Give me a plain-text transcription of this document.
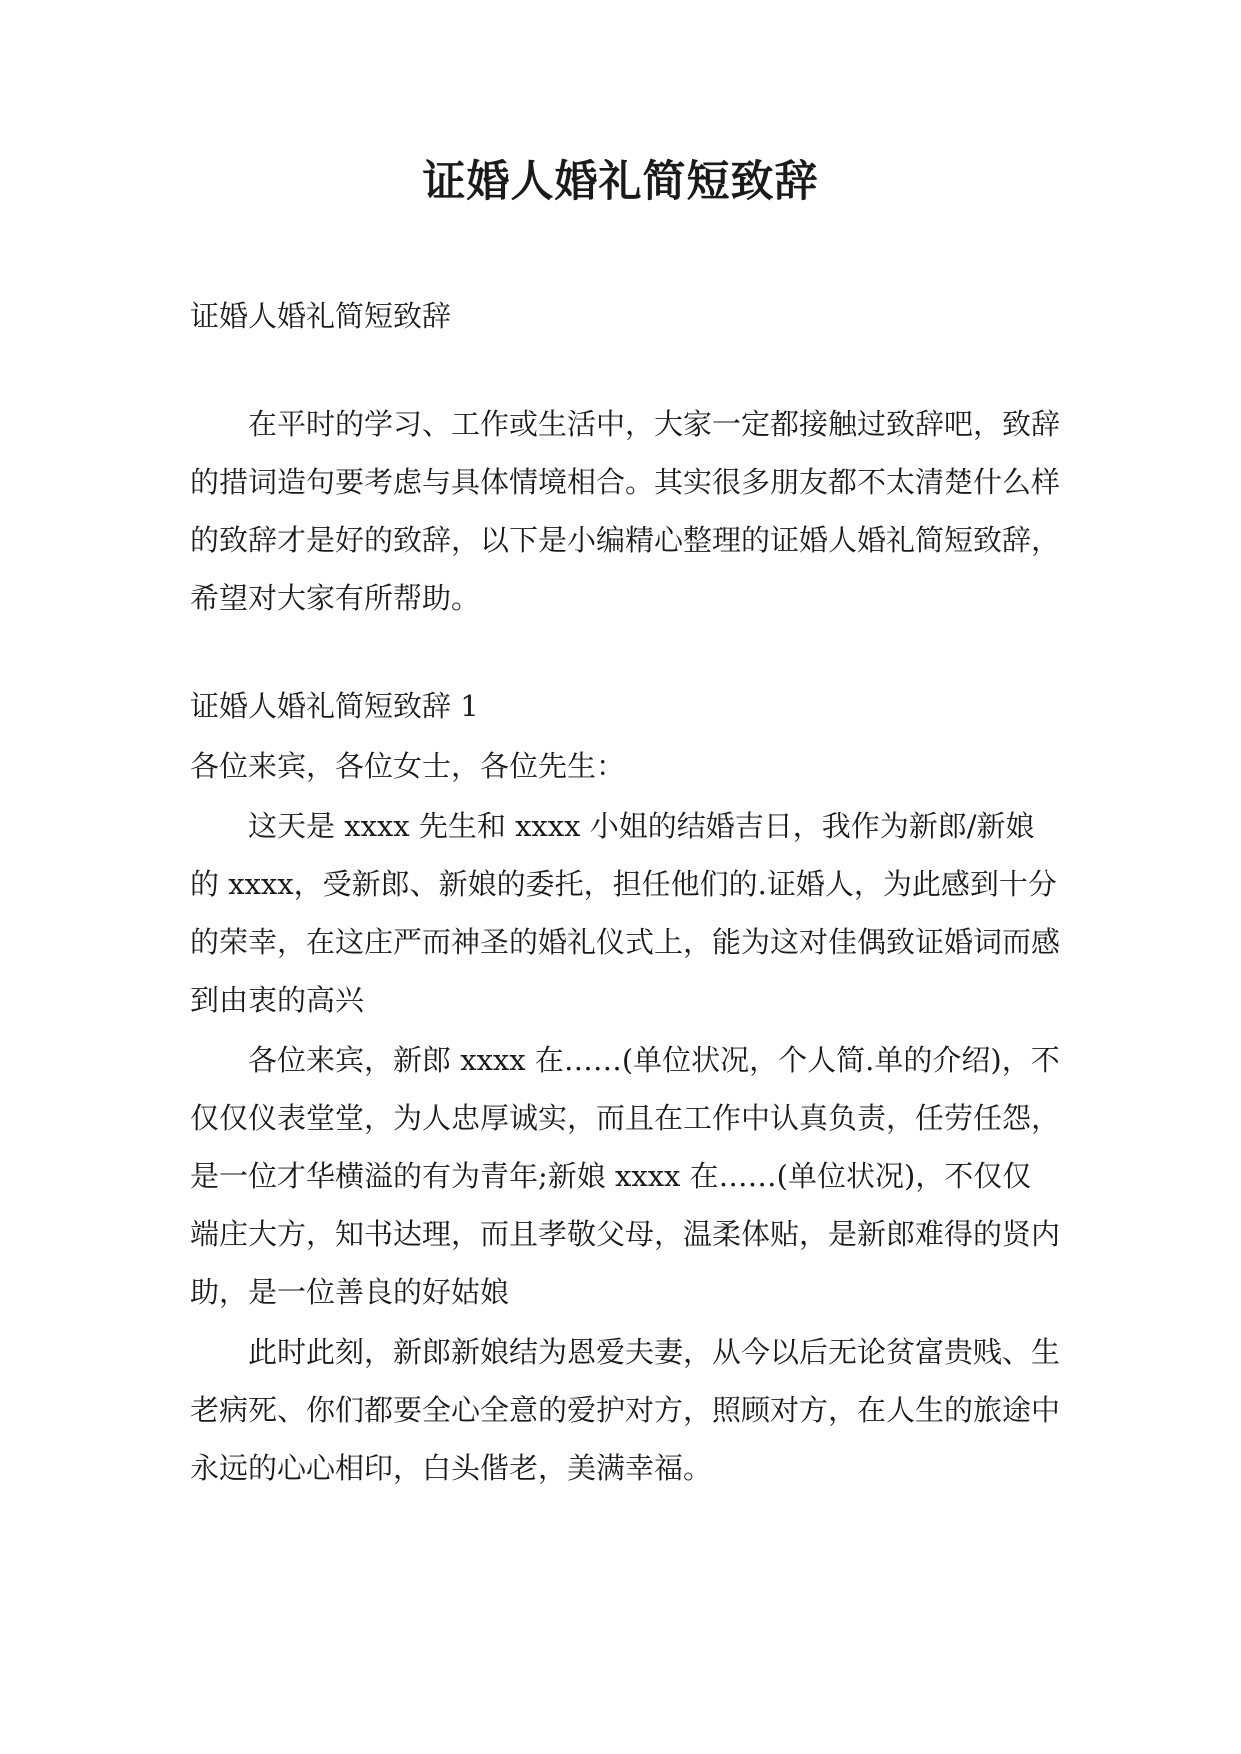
证婚人婚礼简短致辞

证婚人婚礼简短致辞

在平时的学习、工作或生活中，大家一定都接触过致辞吧，致辞的措词造句要考虑与具体情境相合。其实很多朋友都不太清楚什么样的致辞才是好的致辞，以下是小编精心整理的证婚人婚礼简短致辞，希望对大家有所帮助。

证婚人婚礼简短致辞 1

各位来宾，各位女士，各位先生：

这天是 xxxx 先生和 xxxx 小姐的结婚吉日，我作为新郎/新娘的 xxxx，受新郎、新娘的委托，担任他们的.证婚人，为此感到十分的荣幸，在这庄严而神圣的婚礼仪式上，能为这对佳偶致证婚词而感到由衷的高兴

各位来宾，新郎 xxxx 在……(单位状况，个人简.单的介绍)，不仅仅仪表堂堂，为人忠厚诚实，而且在工作中认真负责，任劳任怨，是一位才华横溢的有为青年;新娘 xxxx 在……(单位状况)，不仅仅端庄大方，知书达理，而且孝敬父母，温柔体贴，是新郎难得的贤内助，是一位善良的好姑娘

此时此刻，新郎新娘结为恩爱夫妻，从今以后无论贫富贵贱、生老病死、你们都要全心全意的爱护对方，照顾对方，在人生的旅途中永远的心心相印，白头偕老，美满幸福。
